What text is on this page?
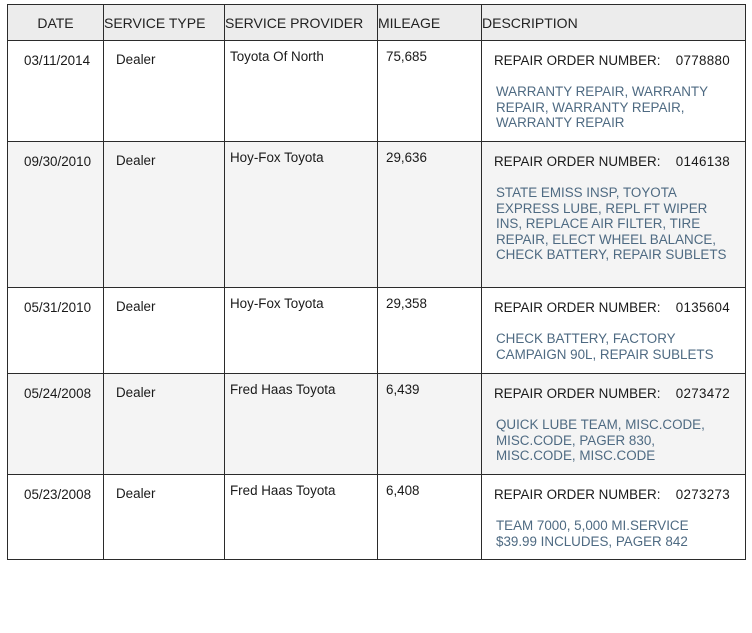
DATE	SERVICE TYPE	SERVICE PROVIDER	MILEAGE	DESCRIPTION
03/11/2014	Dealer	Toyota Of North	75,685	REPAIR ORDER NUMBER: 0778880
WARRANTY REPAIR, WARRANTY REPAIR, WARRANTY REPAIR, WARRANTY REPAIR

09/30/2010	Dealer	Hoy-Fox Toyota	29,636	REPAIR ORDER NUMBER: 0146138
STATE EMISS INSP, TOYOTA EXPRESS LUBE, REPL FT WIPER INS, REPLACE AIR FILTER, TIRE REPAIR, ELECT WHEEL BALANCE, CHECK BATTERY, REPAIR SUBLETS

05/31/2010	Dealer	Hoy-Fox Toyota	29,358	REPAIR ORDER NUMBER: 0135604
CHECK BATTERY, FACTORY CAMPAIGN 90L, REPAIR SUBLETS

05/24/2008	Dealer	Fred Haas Toyota	6,439	REPAIR ORDER NUMBER: 0273472
QUICK LUBE TEAM, MISC.CODE, MISC.CODE, PAGER 830, MISC.CODE, MISC.CODE

05/23/2008	Dealer	Fred Haas Toyota	6,408	REPAIR ORDER NUMBER: 0273273
TEAM 7000, 5,000 MI.SERVICE $39.99 INCLUDES, PAGER 842
